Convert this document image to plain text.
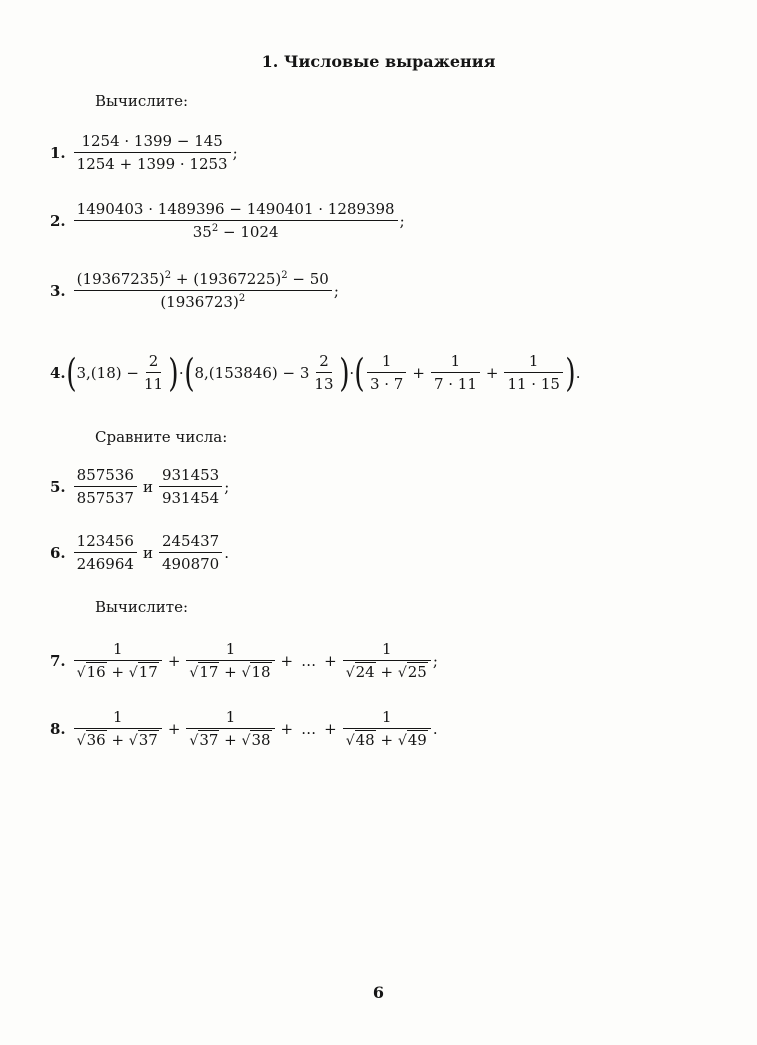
1. Числовые выражения
Вычислите:
1. $\frac{1254 \cdot 1399 - 145}{1254 + 1399 \cdot 1253}$ ;
2. $\frac{1490403 \cdot 1489396 - 1490401 \cdot 1289398}{35^2 - 1024}$ ;
3. $\frac{(19367235)^2 + (19367225)^2 - 50}{(1936723)^2}$ ;
4. ( $3,(18) - \frac{2}{11}$ ) · ( $8,(153846) - 3 \frac{2}{13}$ ) · ( $\frac{1}{3 \cdot 7} + \frac{1}{7 \cdot 11} + \frac{1}{11 \cdot 15}$ ) .
Сравните числа:
5. $\frac{857536}{857537}$ и $\frac{931453}{931454}$ ;
6. $\frac{123456}{246964}$ и $\frac{245437}{490870}$ .
Вычислите:
7. $\frac{1}{√16 + √17} + \frac{1}{√17 + √18}$ + … + $\frac{1}{√24 + √25}$ ;
8. $\frac{1}{√36 + √37} + \frac{1}{√37 + √38}$ + … + $\frac{1}{√48 + √49}$ .
6
